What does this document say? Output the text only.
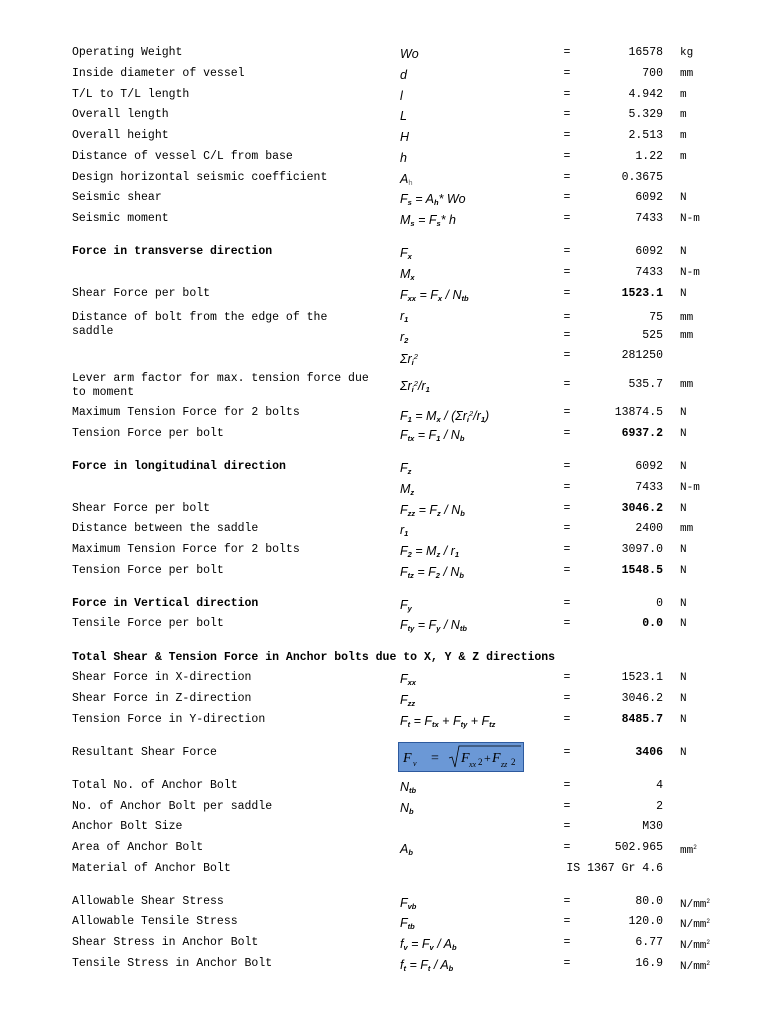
Operating Weight	Wo	=	16578 kg
Inside diameter of vessel	d	=	700 mm
T/L to T/L length	l	=	4.942 m
Overall length	L	=	5.329 m
Overall height	H	=	2.513 m
Distance of vessel C/L from base	h	=	1.22 m
Design horizontal seismic coefficient	$A_h$	=	0.3675
Seismic shear	$F_s = A_h*$ Wo	=	6092 N
Seismic moment	$M_s = F_s*$ h	=	7433 N-m
Force in transverse direction	$F_x$	=	6092 N
$M_x$	=	7433 N-m
Shear Force per bolt	$F_{xx} = F_x / N_{tb}$	=	1523.1 N
Distance of bolt from the edge of the saddle
$r_1$	=	75 mm
$r_2$	=	525 mm
$\Sigma r_i^2$	=	281250
Lever arm factor for max. tension force due to moment	$\Sigma r_i^2/r_1$	=	535.7 mm
Maximum Tension Force for 2 bolts	$F_1 = M_x / (\Sigma r_i^2/r_1)$	=	13874.5 N
Tension Force per bolt	$F_{tx} = F_1 / N_b$	=	6937.2 N
Force in longitudinal direction	$F_z$	=	6092 N
$M_z$	=	7433 N-m
Shear Force per bolt	$F_{zz} = F_z / N_b$	=	3046.2 N
Distance between the saddle	$r_1$	=	2400 mm
Maximum Tension Force for 2 bolts	$F_2 = M_z / r_1$	=	3097.0 N
Tension Force per bolt	$F_{tz} = F_2 / N_b$	=	1548.5 N
Force in Vertical direction	$F_y$	=	0 N
Tensile Force per bolt	$F_{ty} = F_y / N_{tb}$	=	0.0 N
Total Shear & Tension Force in Anchor bolts due to X, Y & Z directions
Shear Force in X-direction	$F_{xx}$	=	1523.1 N
Shear Force in Z-direction	$F_{zz}$	=	3046.2 N
Tension Force in Y-direction	$F_t = F_{tx} + F_{ty} + F_{tz}$	=	8485.7 N
F v = F xx 2 + F zz 2
Resultant Shear Force	=	3406 N
Total No. of Anchor Bolt	$N_{tb}$	=	4
No. of Anchor Bolt per saddle	$N_b$	=	2
Anchor Bolt Size	=	M30
Area of Anchor Bolt	$A_b$	=	502.965 $mm^2$
Material of Anchor Bolt	IS 1367 Gr 4.6
Allowable Shear Stress	$F_{vb}$	=	80.0 $N/mm^2$
Allowable Tensile Stress	$F_{tb}$	=	120.0 $N/mm^2$
Shear Stress in Anchor Bolt	$f_v = F_v / A_b$	=	6.77 $N/mm^2$
Tensile Stress in Anchor Bolt	$f_t = F_t / A_b$	=	16.9 $N/mm^2$
